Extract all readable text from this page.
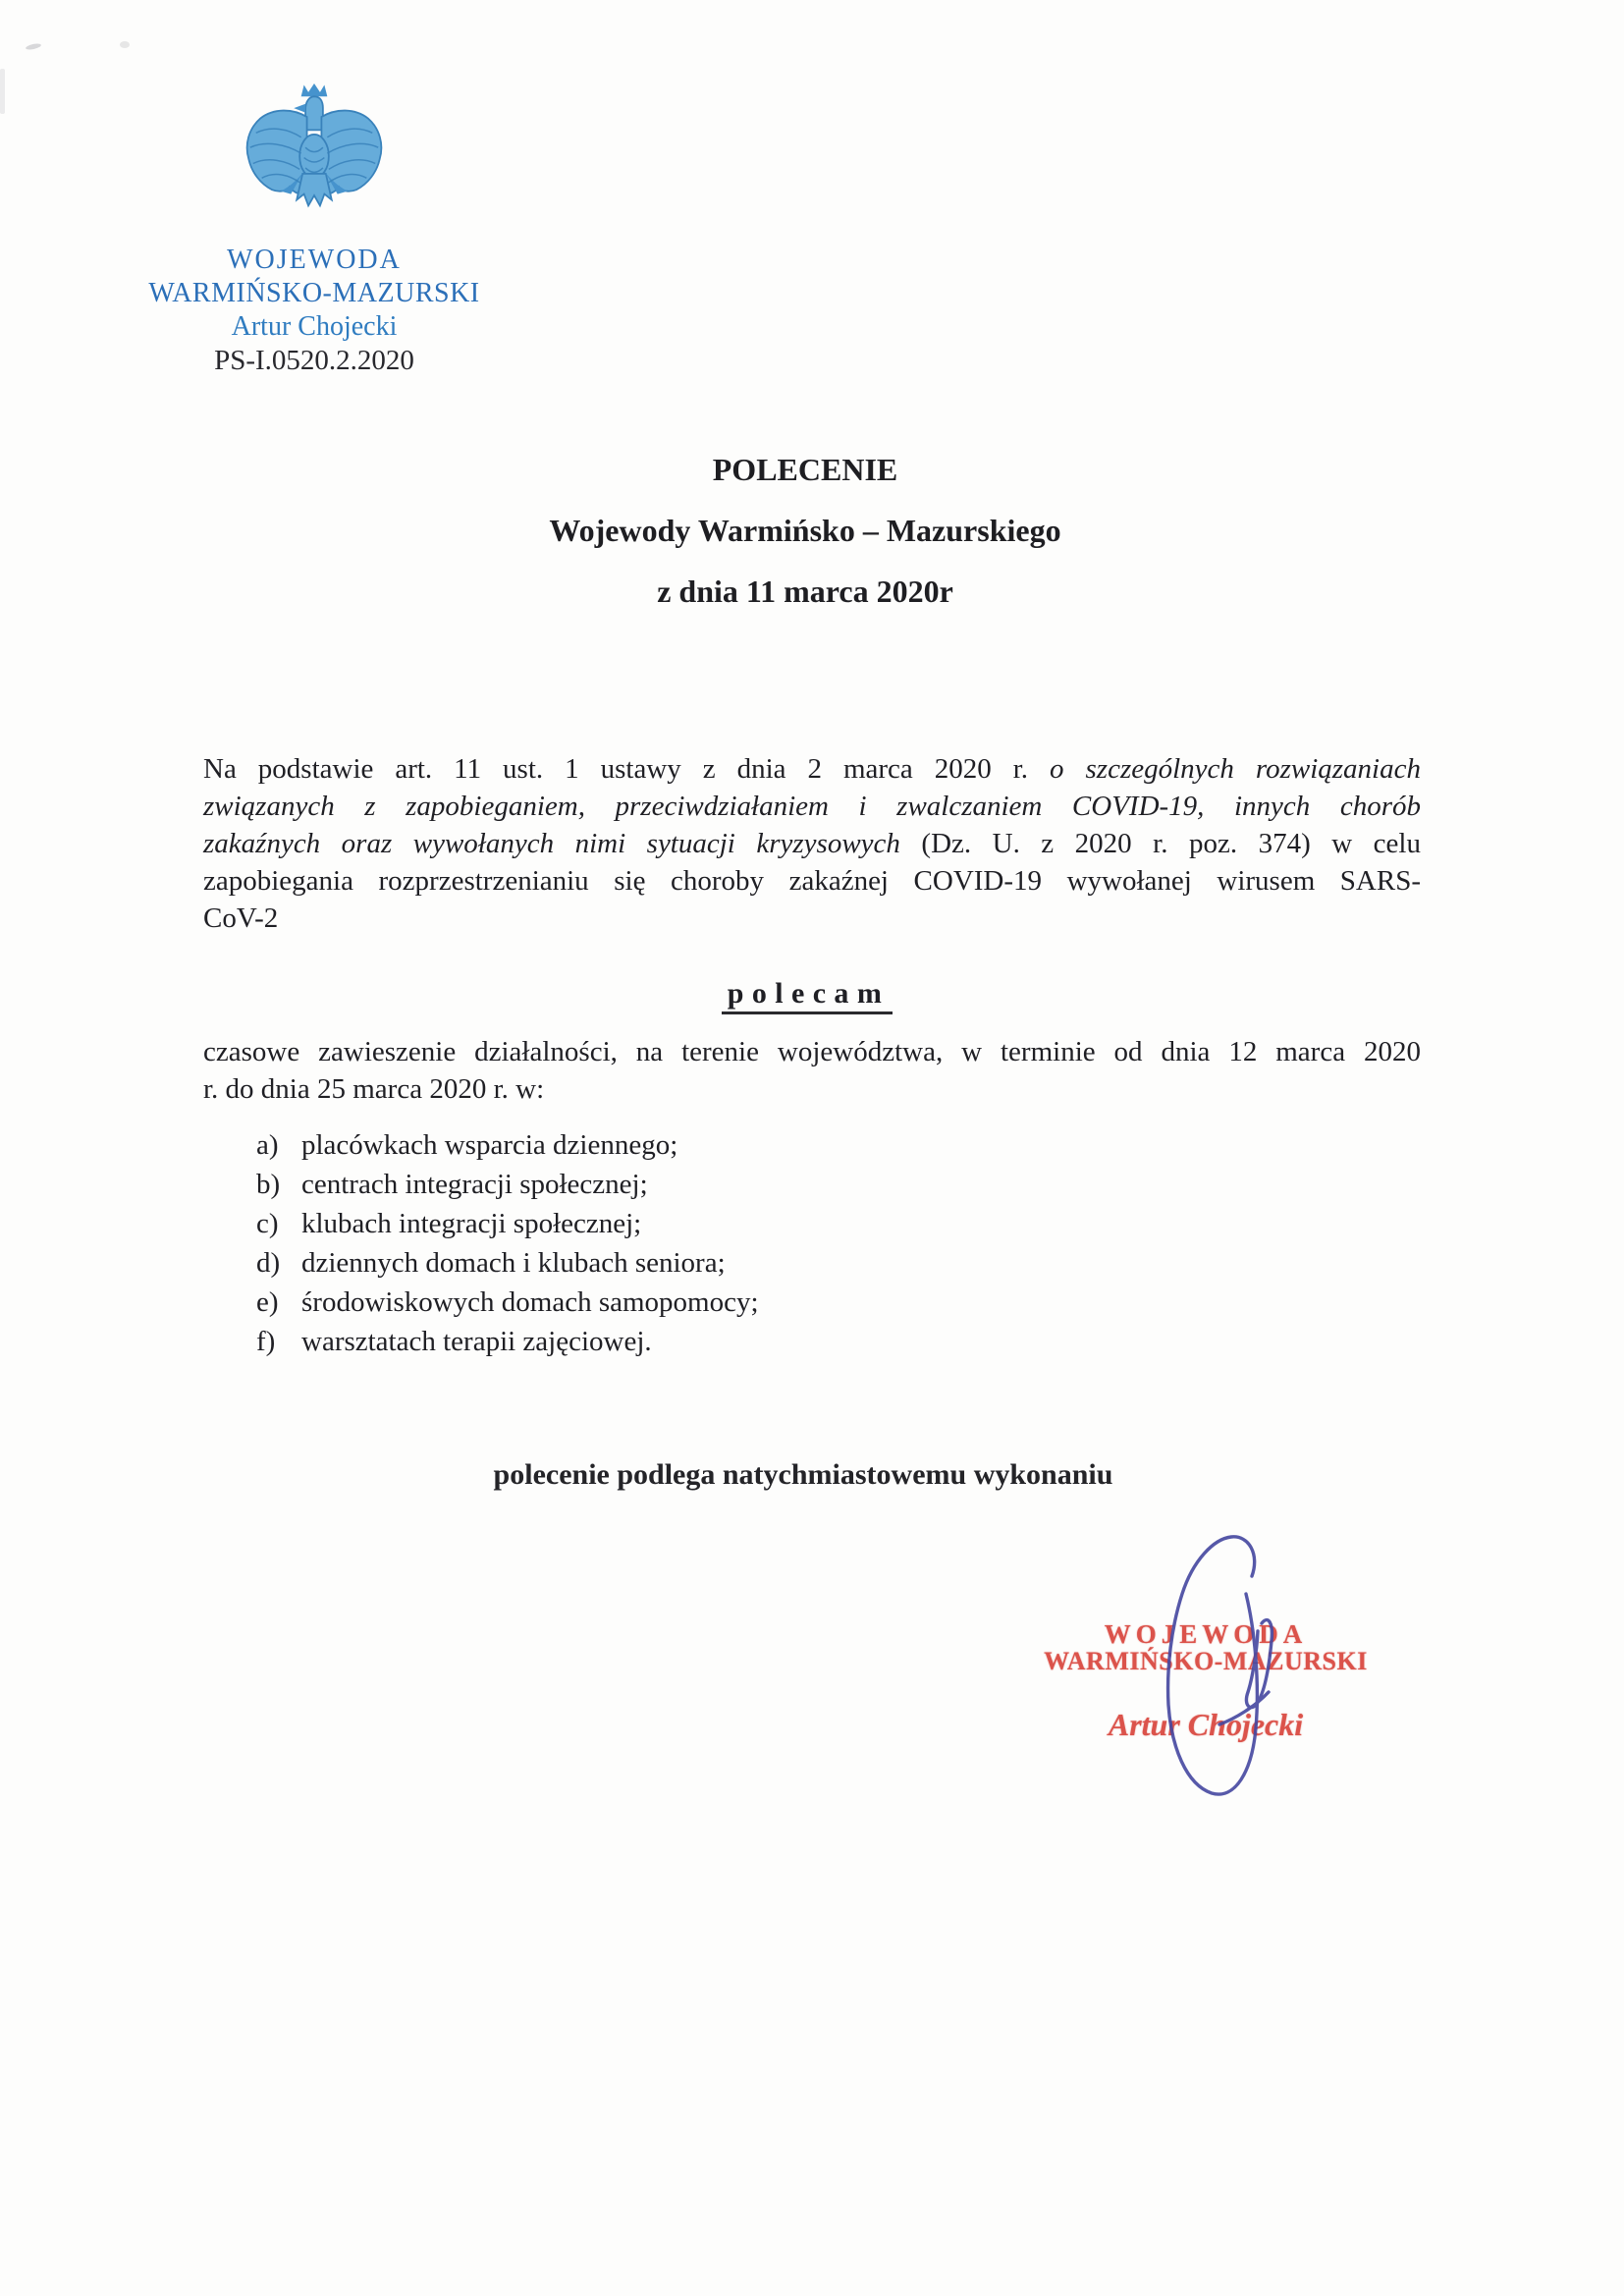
WOJEWODA
WARMIŃSKO-MAZURSKI
Artur Chojecki
PS-I.0520.2.2020
POLECENIE
Wojewody Warmińsko – Mazurskiego
z dnia 11 marca 2020r
Na podstawie art. 11 ust. 1 ustawy z dnia 2 marca 2020 r. o szczególnych rozwiązaniach
związanych z zapobieganiem, przeciwdziałaniem i zwalczaniem COVID-19, innych chorób
zakaźnych oraz wywołanych nimi sytuacji kryzysowych (Dz. U. z 2020 r. poz. 374) w celu
zapobiegania rozprzestrzenianiu się choroby zakaźnej COVID-19 wywołanej wirusem SARS-
CoV-2
polecam
czasowe zawieszenie działalności, na terenie województwa, w terminie od dnia 12 marca 2020
r. do dnia 25 marca 2020 r. w:
a) placówkach wsparcia dziennego;
b) centrach integracji społecznej;
c) klubach integracji społecznej;
d) dziennych domach i klubach seniora;
e) środowiskowych domach samopomocy;
f) warsztatach terapii zajęciowej.
polecenie podlega natychmiastowemu wykonaniu
WOJEWODA
WARMIŃSKO-MAZURSKI
Artur Chojecki
